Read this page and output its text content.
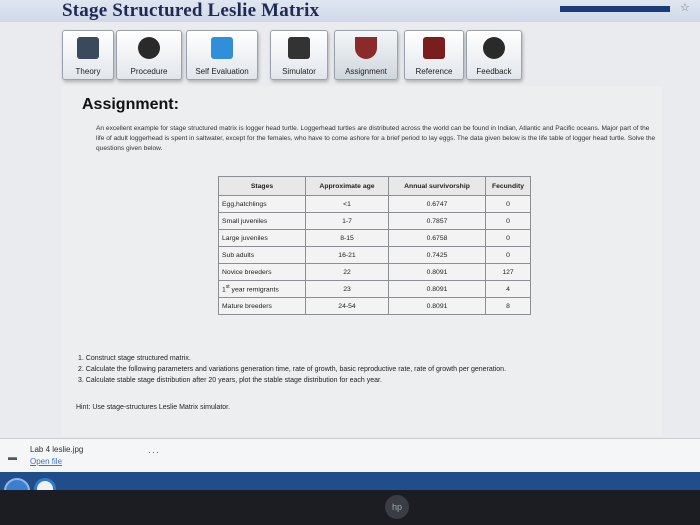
Stage Structured Leslie Matrix	☆
Theory	Procedure	Self Evaluation	Simulator	Assignment	Reference	Feedback
Assignment:
An excellent example for stage structured matrix is logger head turtle. Loggerhead turtles are distributed across the world can be found in Indian, Atlantic and Pacific oceans. Major part of the life of adult loggerhead is spent in saltwater, except for the females, who have to come ashore for a brief period to lay eggs. The data given below is the life table of logger head turtle. Solve the questions given below.
Stages	Approximate age	Annual survivorship	Fecundity
Egg,hatchlings	<1	0.6747	0
Small juveniles	1-7	0.7857	0
Large juveniles	8-15	0.6758	0
Sub adults	16-21	0.7425	0
Novice breeders	22	0.8091	127
1st year remigrants	23	0.8091	4
Mature breeders	24-54	0.8091	8
1. Construct stage structured matrix.
2. Calculate the following parameters and variations generation time, rate of growth, basic reproductive rate, rate of growth per generation.
3. Calculate stable stage distribution after 20 years, plot the stable stage distribution for each year.
Hint: Use stage-structures Leslie Matrix simulator.
▬
Lab 4 leslie.jpg
Open file
···
hp
